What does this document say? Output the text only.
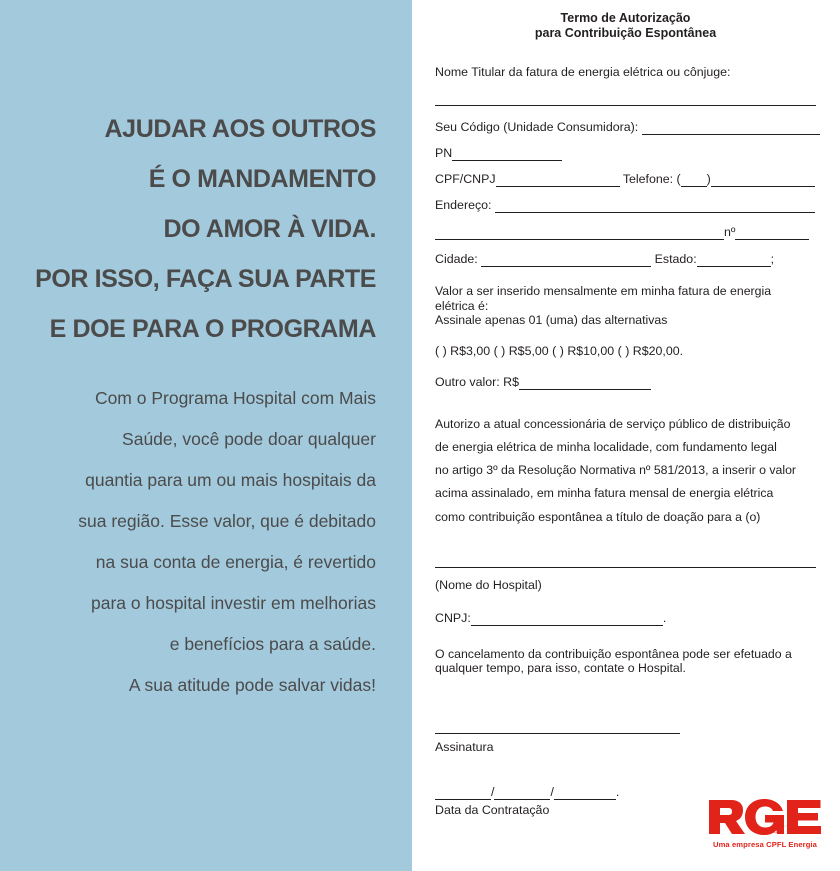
AJUDAR AOS OUTROS
É O MANDAMENTO
DO AMOR À VIDA.
POR ISSO, FAÇA SUA PARTE
E DOE PARA O PROGRAMA
Com o Programa Hospital com Mais
Saúde, você pode doar qualquer
quantia para um ou mais hospitais da
sua região. Esse valor, que é debitado
na sua conta de energia, é revertido
para o hospital investir em melhorias
e benefícios para a saúde.
A sua atitude pode salvar vidas!
Termo de Autorização
para Contribuição Espontânea
Nome Titular da fatura de energia elétrica ou cônjuge:
Seu Código (Unidade Consumidora):
PN
CPF/CNPJ	Telefone: ( )
Endereço:
nº
Cidade:	Estado:	;
Valor a ser inserido mensalmente em minha fatura de energia
elétrica é:
Assinale apenas 01 (uma) das alternativas
( ) R$3,00 ( ) R$5,00 ( ) R$10,00 ( ) R$20,00.
Outro valor: R$
Autorizo a atual concessionária de serviço público de distribuição
de energia elétrica de minha localidade, com fundamento legal
no artigo 3º da Resolução Normativa nº 581/2013, a inserir o valor
acima assinalado, em minha fatura mensal de energia elétrica
como contribuição espontânea a título de doação para a (o)
(Nome do Hospital)
CNPJ:	.
O cancelamento da contribuição espontânea pode ser efetuado a
qualquer tempo, para isso, contate o Hospital.
Assinatura
/	/	.
Data da Contratação
Uma empresa CPFL Energia
